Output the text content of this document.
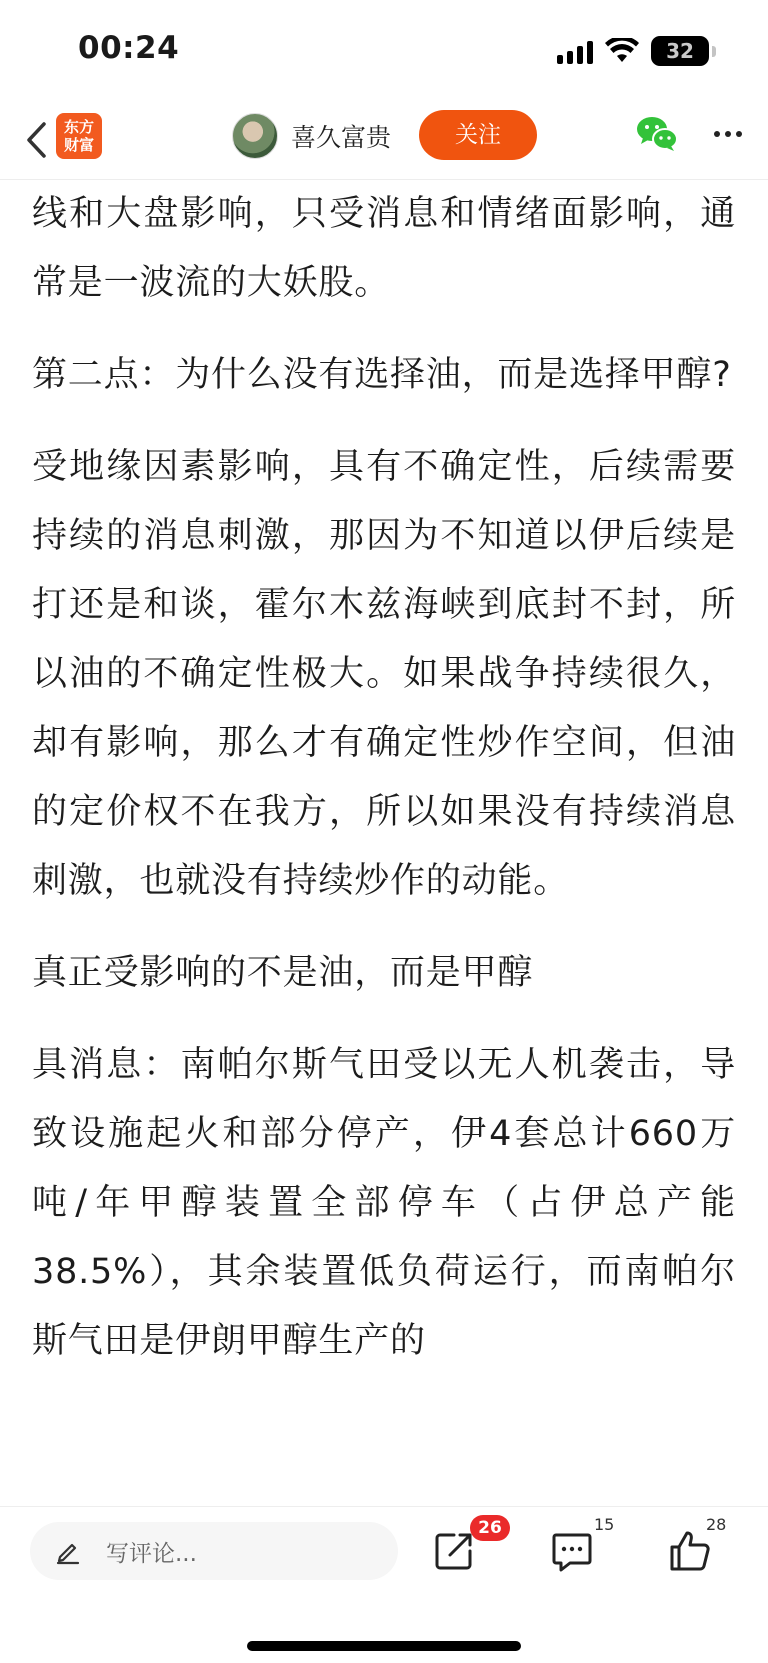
00:24	32
东方
财富	喜久富贵	关注

线和大盘影响，只受消息和情绪面影响，通常是一波流的大妖股。

第二点：为什么没有选择油，而是选择甲醇?

受地缘因素影响，具有不确定性，后续需要持续的消息刺激，那因为不知道以伊后续是打还是和谈，霍尔木兹海峡到底封不封，所以油的不确定性极大。如果战争持续很久，却有影响，那么才有确定性炒作空间，但油的定价权不在我方，所以如果没有持续消息刺激，也就没有持续炒作的动能。

真正受影响的不是油，而是甲醇

具消息：南帕尔斯气田受以无人机袭击，导致设施起火和部分停产，伊4套总计660万吨/年甲醇装置全部停车（占伊总产能38.5%），其余装置低负荷运行，而南帕尔斯气田是伊朗甲醇生产的

写评论...
26	15	28
